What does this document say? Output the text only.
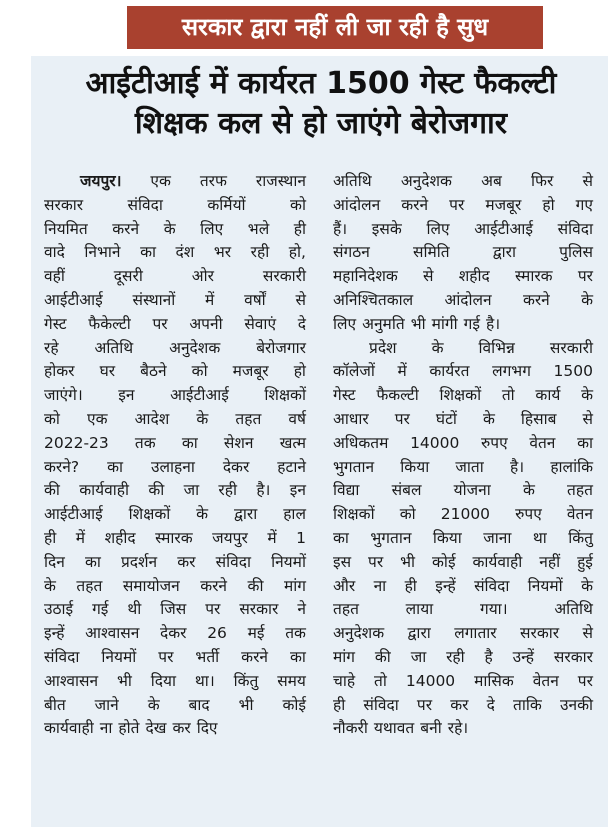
सरकार द्वारा नहीं ली जा रही है सुध
आईटीआई में कार्यरत 1500 गेस्ट फैकल्टी
शिक्षक कल से हो जाएंगे बेरोजगार
जयपुर। एक तरफ राजस्थान
सरकार	संविदा	कर्मियों	को
नियमित करने के लिए भले ही
वादे निभाने का दंश भर रही हो,
वहीं	दूसरी	ओर	सरकारी
आईटीआई संस्थानों में वर्षों से
गेस्ट फैकेल्टी पर अपनी सेवाएं दे
रहे अतिथि अनुदेशक बेरोजगार
होकर घर बैठने को मजबूर हो
जाएंगे। इन आईटीआई शिक्षकों
को एक आदेश के तहत वर्ष
2022-23 तक का सेशन खत्म
करने? का उलाहना देकर हटाने
की कार्यवाही की जा रही है। इन
आईटीआई शिक्षकों के द्वारा हाल
ही में शहीद स्मारक जयपुर में 1
दिन का प्रदर्शन कर संविदा नियमों
के तहत समायोजन करने की मांग
उठाई गई थी जिस पर सरकार ने
इन्हें आश्वासन देकर 26 मई तक
संविदा नियमों पर भर्ती करने का
आश्वासन भी दिया था। किंतु समय
बीत जाने के बाद भी कोई
कार्यवाही ना होते देख कर दिए
अतिथि अनुदेशक अब फिर से
आंदोलन करने पर मजबूर हो गए
हैं। इसके लिए आईटीआई संविदा
संगठन	समिति	द्वारा	पुलिस
महानिदेशक से शहीद स्मारक पर
अनिश्चितकाल आंदोलन करने के
लिए अनुमति भी मांगी गई है।
प्रदेश के विभिन्न सरकारी
कॉलेजों में कार्यरत लगभग 1500
गेस्ट फैकल्टी शिक्षकों तो कार्य के
आधार पर घंटों के हिसाब से
अधिकतम 14000 रुपए वेतन का
भुगतान किया जाता है। हालांकि
विद्या संबल योजना के तहत
शिक्षकों को 21000 रुपए वेतन
का भुगतान किया जाना था किंतु
इस पर भी कोई कार्यवाही नहीं हुई
और ना ही इन्हें संविदा नियमों के
तहत	लाया	गया।	अतिथि
अनुदेशक द्वारा लगातार सरकार से
मांग की जा रही है उन्हें सरकार
चाहे तो 14000 मासिक वेतन पर
ही संविदा पर कर दे ताकि उनकी
नौकरी यथावत बनी रहे।
